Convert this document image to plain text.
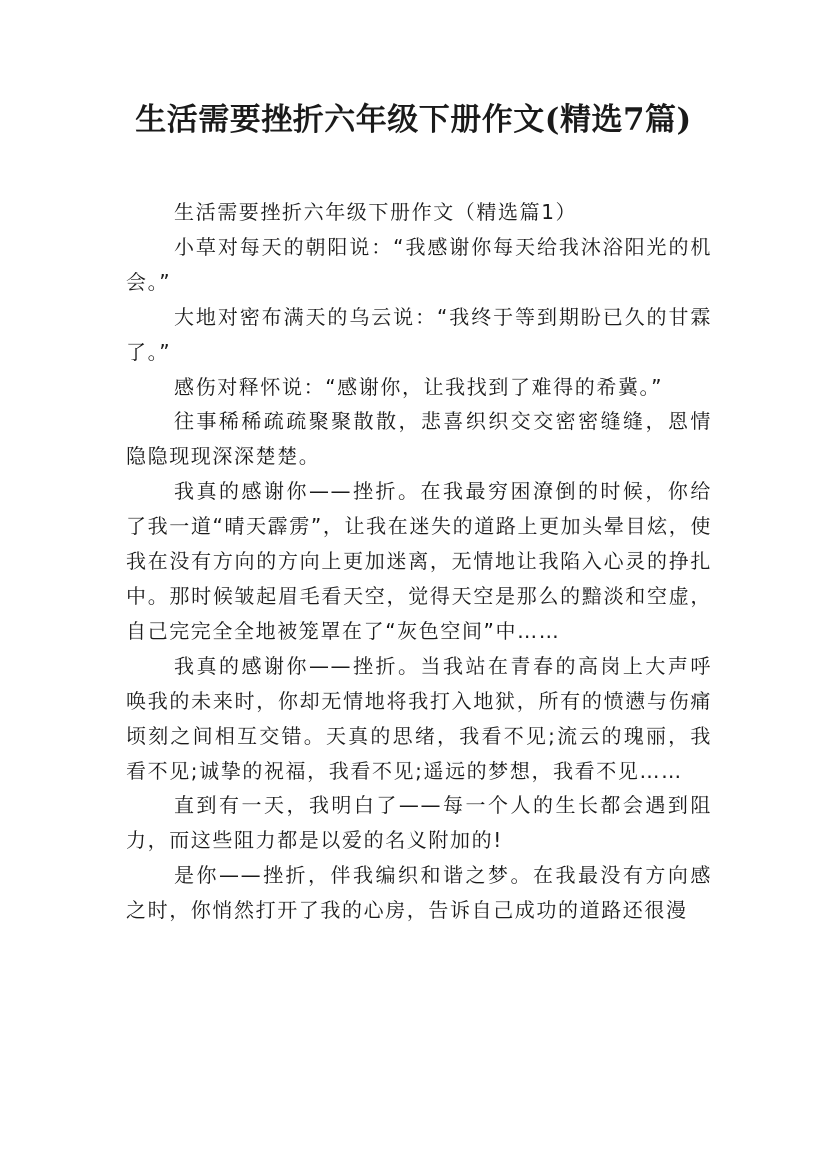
生活需要挫折六年级下册作文(精选7篇)

生活需要挫折六年级下册作文（精选篇1）

小草对每天的朝阳说：“我感谢你每天给我沐浴阳光的机会。”

大地对密布满天的乌云说：“我终于等到期盼已久的甘霖了。”

感伤对释怀说：“感谢你，让我找到了难得的希冀。”

往事稀稀疏疏聚聚散散，悲喜织织交交密密缝缝，恩情隐隐现现深深楚楚。

我真的感谢你——挫折。在我最穷困潦倒的时候，你给了我一道“晴天霹雳”，让我在迷失的道路上更加头晕目炫，使我在没有方向的方向上更加迷离，无情地让我陷入心灵的挣扎中。那时候皱起眉毛看天空，觉得天空是那么的黯淡和空虚，自己完完全全地被笼罩在了“灰色空间”中……

我真的感谢你——挫折。当我站在青春的高岗上大声呼唤我的未来时，你却无情地将我打入地狱，所有的愤懑与伤痛顷刻之间相互交错。天真的思绪，我看不见;流云的瑰丽，我看不见;诚挚的祝福，我看不见;遥远的梦想，我看不见……

直到有一天，我明白了——每一个人的生长都会遇到阻力，而这些阻力都是以爱的名义附加的!

是你——挫折，伴我编织和谐之梦。在我最没有方向感之时，你悄然打开了我的心房，告诉自己成功的道路还很漫
